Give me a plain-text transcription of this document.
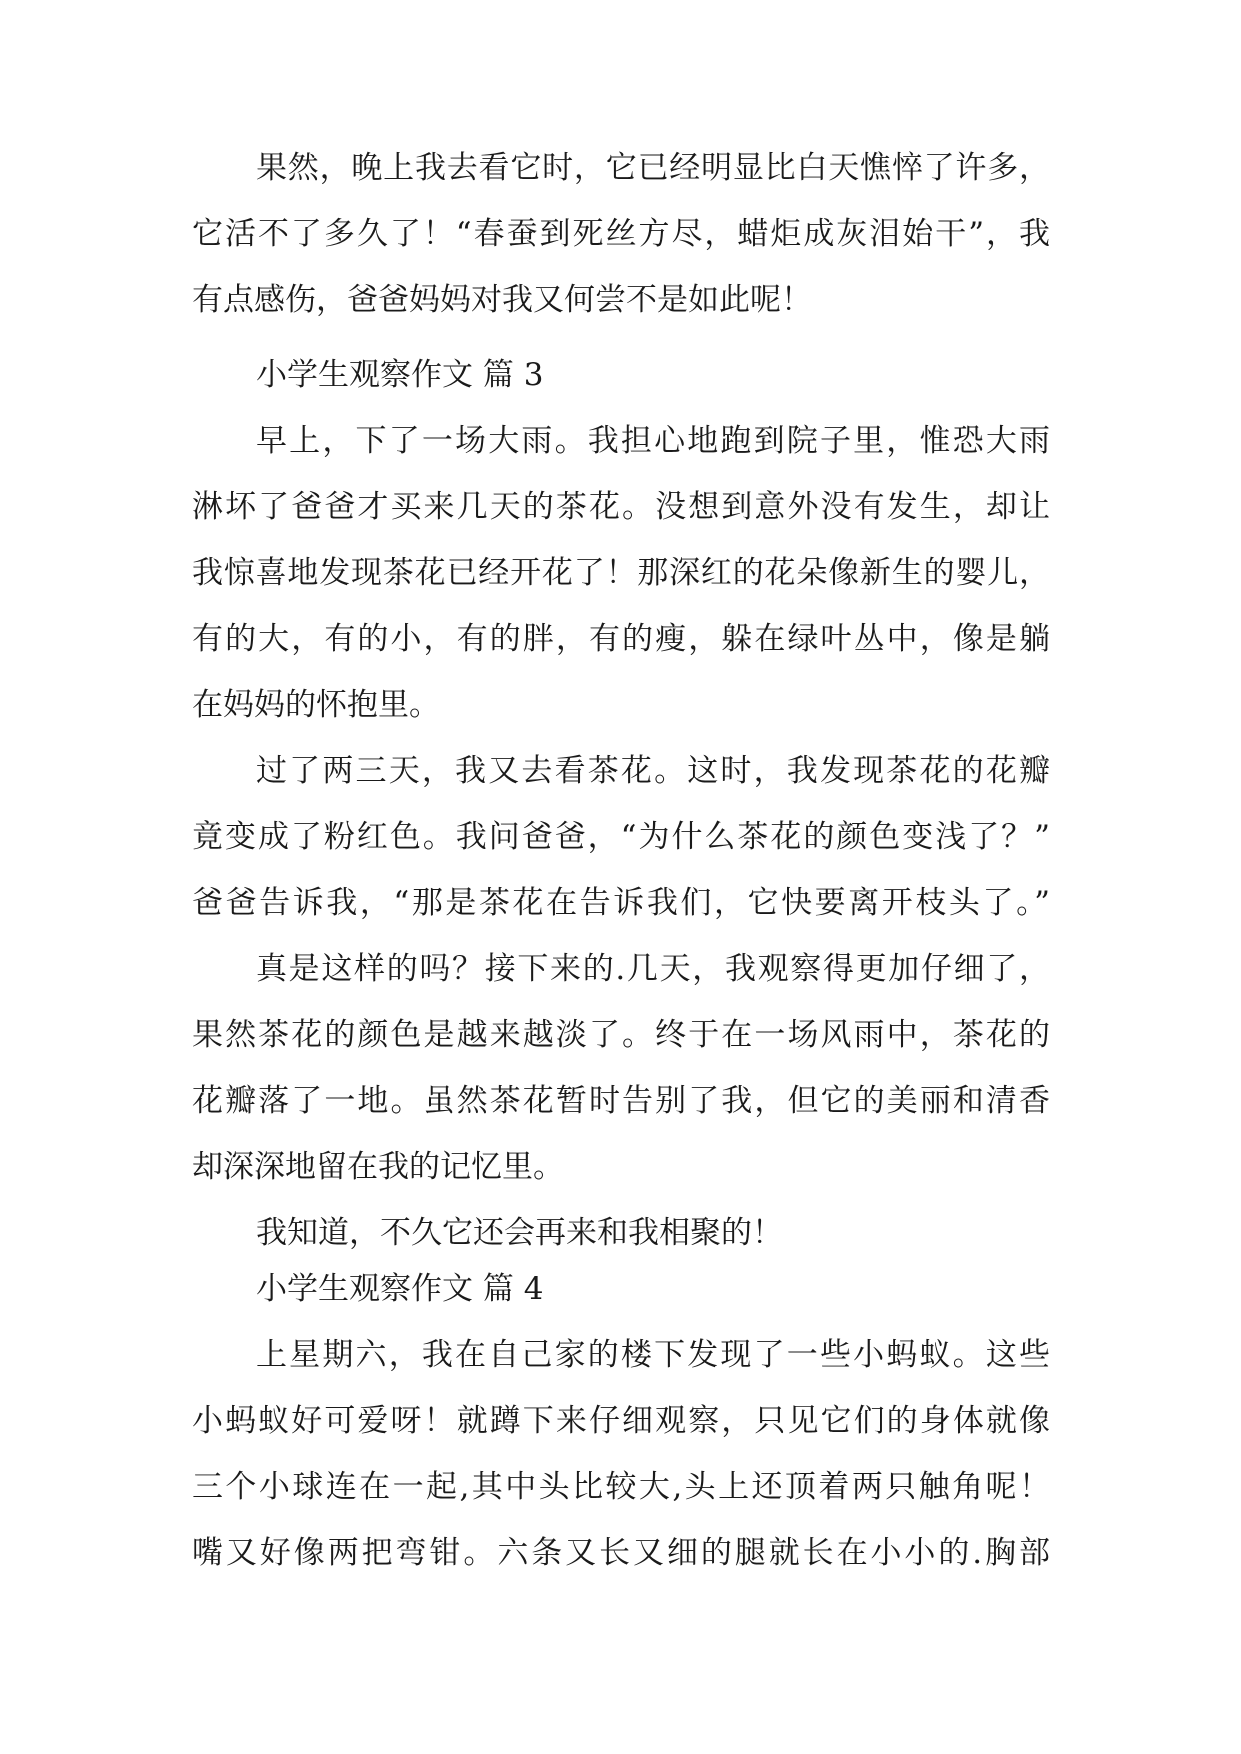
果然，晚上我去看它时，它已经明显比白天憔悴了许多，
它活不了多久了！“春蚕到死丝方尽，蜡炬成灰泪始干”，我
有点感伤，爸爸妈妈对我又何尝不是如此呢！
小学生观察作文 篇 3
早上，下了一场大雨。我担心地跑到院子里，惟恐大雨
淋坏了爸爸才买来几天的茶花。没想到意外没有发生，却让
我惊喜地发现茶花已经开花了！那深红的花朵像新生的婴儿，
有的大，有的小，有的胖，有的瘦，躲在绿叶丛中，像是躺
在妈妈的怀抱里。
过了两三天，我又去看茶花。这时，我发现茶花的花瓣
竟变成了粉红色。我问爸爸，“为什么茶花的颜色变浅了？”
爸爸告诉我，“那是茶花在告诉我们，它快要离开枝头了。”
真是这样的吗？接下来的.几天，我观察得更加仔细了，
果然茶花的颜色是越来越淡了。终于在一场风雨中，茶花的
花瓣落了一地。虽然茶花暂时告别了我，但它的美丽和清香
却深深地留在我的记忆里。
我知道，不久它还会再来和我相聚的！
小学生观察作文 篇 4
上星期六，我在自己家的楼下发现了一些小蚂蚁。这些
小蚂蚁好可爱呀！就蹲下来仔细观察，只见它们的身体就像
三个小球连在一起,其中头比较大,头上还顶着两只触角呢！
嘴又好像两把弯钳。六条又长又细的腿就长在小小的.胸部
